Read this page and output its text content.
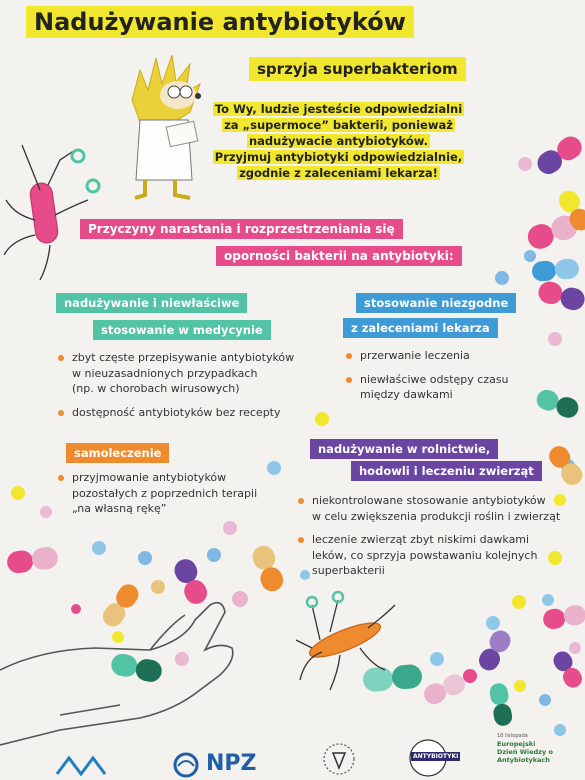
Nadużywanie antybiotyków
sprzyja superbakteriom
To Wy, ludzie jesteście odpowiedzialni
za „supermoce” bakterii, ponieważ
nadużywacie antybiotyków.
Przyjmuj antybiotyki odpowiedzialnie,
zgodnie z zaleceniami lekarza!
Przyczyny narastania i rozprzestrzeniania się
oporności bakterii na antybiotyki:
nadużywanie i niewłaściwe
stosowanie w medycynie
zbyt częste przepisywanie antybiotyków
w nieuzasadnionych przypadkach
(np. w chorobach wirusowych)
dostępność antybiotyków bez recepty
stosowanie niezgodne
z zaleceniami lekarza
przerwanie leczenia
niewłaściwe odstępy czasu
między dawkami
samoleczenie
przyjmowanie antybiotyków
pozostałych z poprzednich terapii
„na własną rękę”
nadużywanie w rolnictwie,
hodowli i leczeniu zwierząt
niekontrolowane stosowanie antybiotyków
w celu zwiększenia produkcji roślin i zwierząt
leczenie zwierząt zbyt niskimi dawkami
leków, co sprzyja powstawaniu kolejnych
superbakterii
NPZ	ANTYBIOTYKI
18 listopada
Europejski
Dzień Wiedzy o
Antybiotykach
